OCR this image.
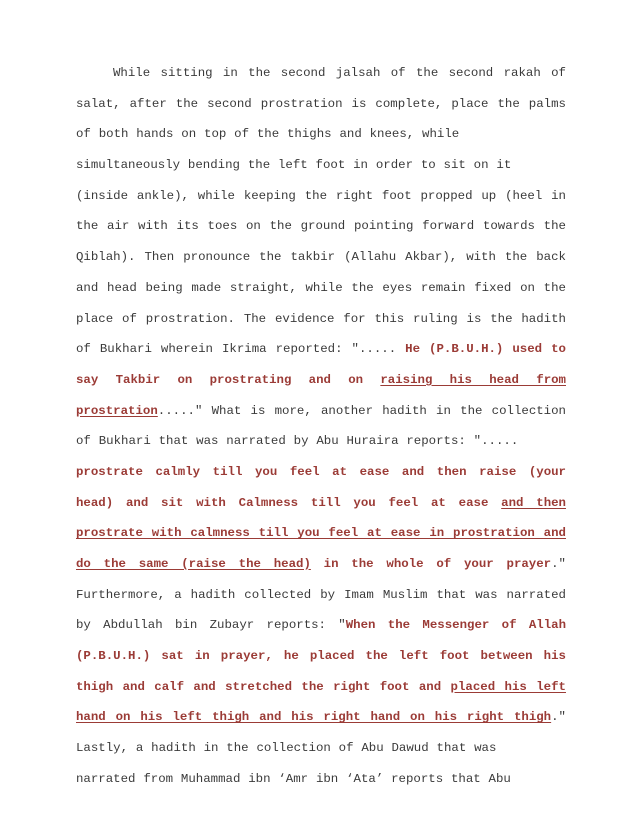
While sitting in the second jalsah of the second rakah of
salat, after the second prostration is complete, place the palms
of both hands on top of the thighs and knees, while
simultaneously bending the left foot in order to sit on it
(inside ankle), while keeping the right foot propped up (heel in
the air with its toes on the ground pointing forward towards the
Qiblah). Then pronounce the takbir (Allahu Akbar), with the back
and head being made straight, while the eyes remain fixed on the
place of prostration. The evidence for this ruling is the hadith
of Bukhari wherein Ikrima reported: "..... He (P.B.U.H.) used to
say Takbir on prostrating and on raising his head from
prostration....." What is more, another hadith in the collection
of Bukhari that was narrated by Abu Huraira reports: ".....
prostrate calmly till you feel at ease and then raise (your
head) and sit with Calmness till you feel at ease and then
prostrate with calmness till you feel at ease in prostration and
do the same (raise the head) in the whole of your prayer."
Furthermore, a hadith collected by Imam Muslim that was narrated
by Abdullah bin Zubayr reports: "When the Messenger of Allah
(P.B.U.H.) sat in prayer, he placed the left foot between his
thigh and calf and stretched the right foot and placed his left
hand on his left thigh and his right hand on his right thigh."
Lastly, a hadith in the collection of Abu Dawud that was
narrated from Muhammad ibn ‘Amr ibn ‘Ata’ reports that Abu
